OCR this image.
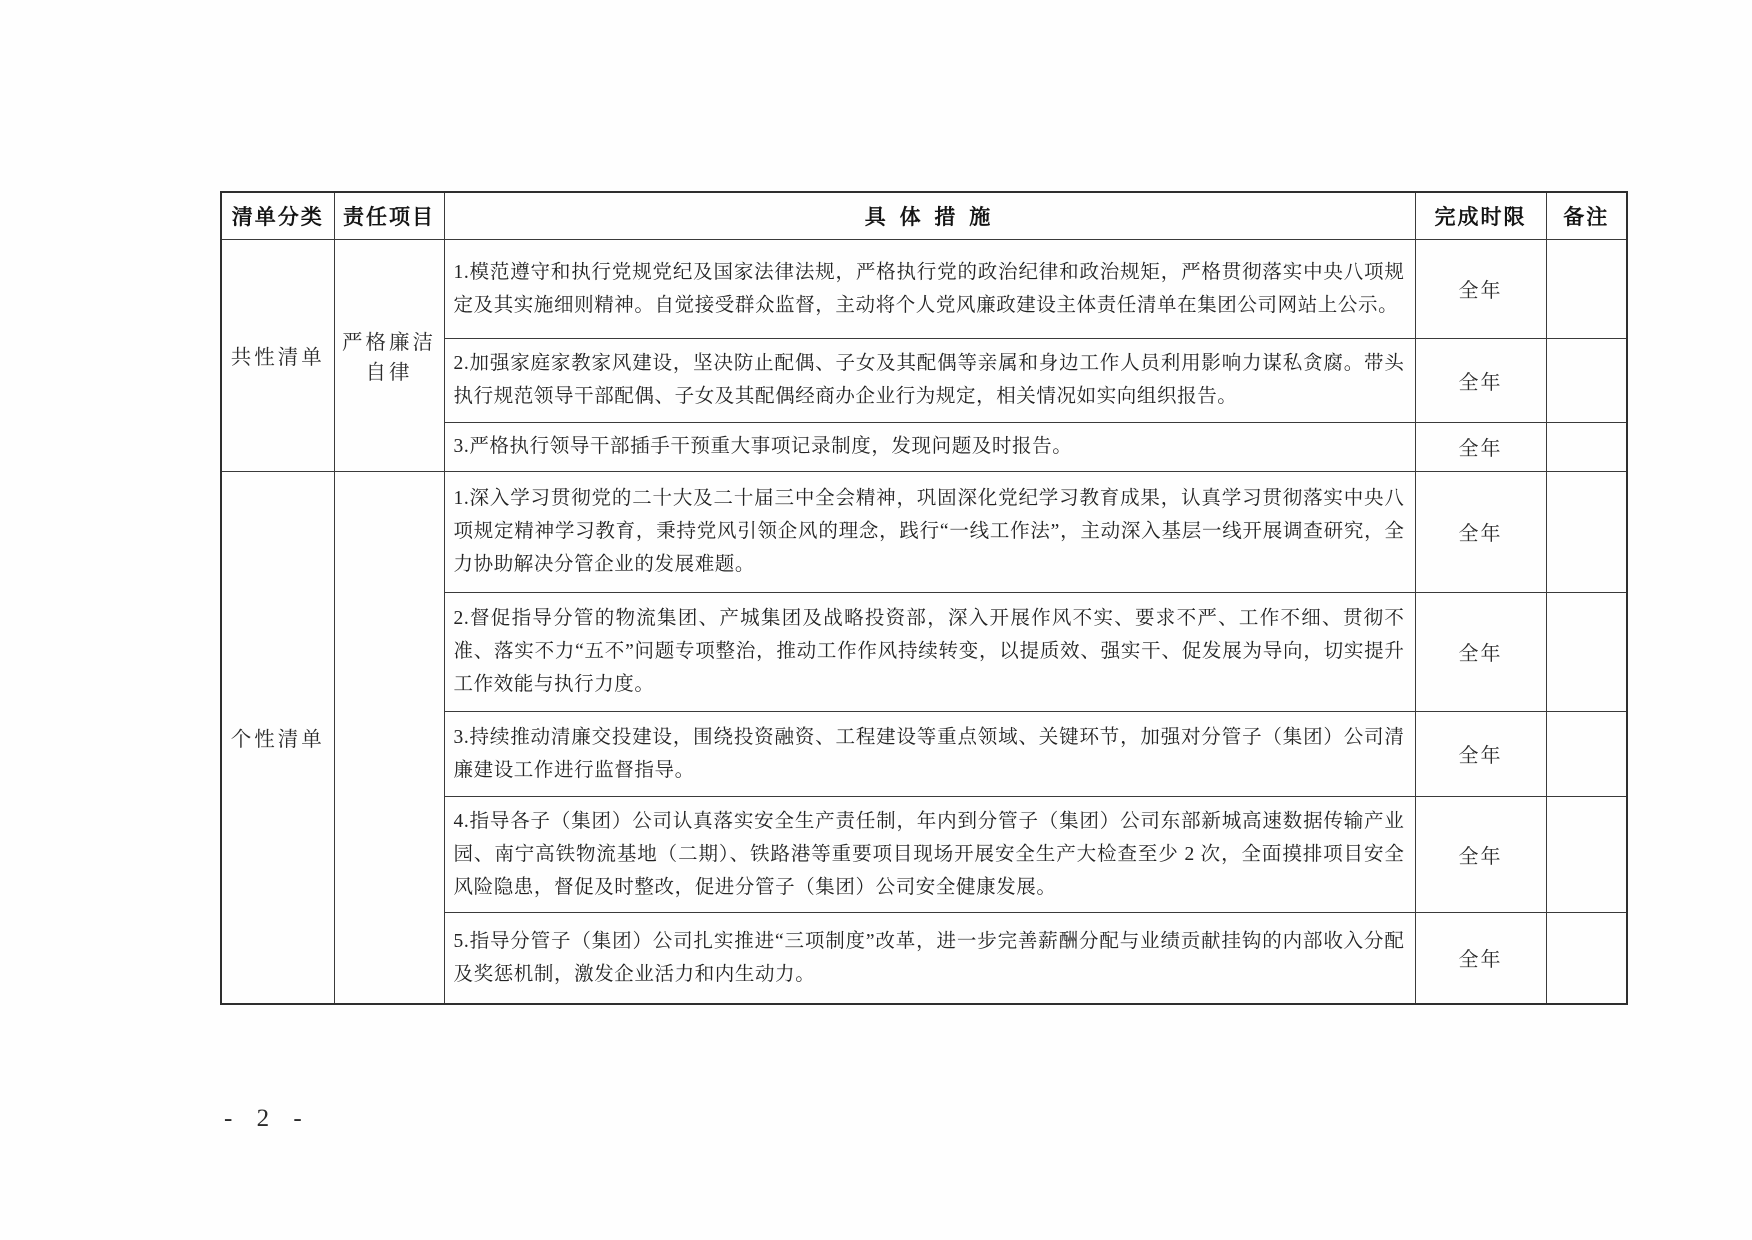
清单分类	责任项目	具 体 措 施	完成时限	备注
共性清单	严格廉洁自律	1.模范遵守和执行党规党纪及国家法律法规，严格执行党的政治纪律和政治规矩，严格贯彻落实中央八项规定及其实施细则精神。自觉接受群众监督，主动将个人党风廉政建设主体责任清单在集团公司网站上公示。	全年	
		2.加强家庭家教家风建设，坚决防止配偶、子女及其配偶等亲属和身边工作人员利用影响力谋私贪腐。带头执行规范领导干部配偶、子女及其配偶经商办企业行为规定，相关情况如实向组织报告。	全年	
		3.严格执行领导干部插手干预重大事项记录制度，发现问题及时报告。	全年	
个性清单		1.深入学习贯彻党的二十大及二十届三中全会精神，巩固深化党纪学习教育成果，认真学习贯彻落实中央八项规定精神学习教育，秉持党风引领企风的理念，践行“一线工作法”，主动深入基层一线开展调查研究，全力协助解决分管企业的发展难题。	全年	
		2.督促指导分管的物流集团、产城集团及战略投资部，深入开展作风不实、要求不严、工作不细、贯彻不准、落实不力“五不”问题专项整治，推动工作作风持续转变，以提质效、强实干、促发展为导向，切实提升工作效能与执行力度。	全年	
		3.持续推动清廉交投建设，围绕投资融资、工程建设等重点领域、关键环节，加强对分管子（集团）公司清廉建设工作进行监督指导。	全年	
		4.指导各子（集团）公司认真落实安全生产责任制，年内到分管子（集团）公司东部新城高速数据传输产业园、南宁高铁物流基地（二期）、铁路港等重要项目现场开展安全生产大检查至少 2 次，全面摸排项目安全风险隐患，督促及时整改，促进分管子（集团）公司安全健康发展。	全年	
		5.指导分管子（集团）公司扎实推进“三项制度”改革，进一步完善薪酬分配与业绩贡献挂钩的内部收入分配及奖惩机制，激发企业活力和内生动力。	全年	
- 2 -
